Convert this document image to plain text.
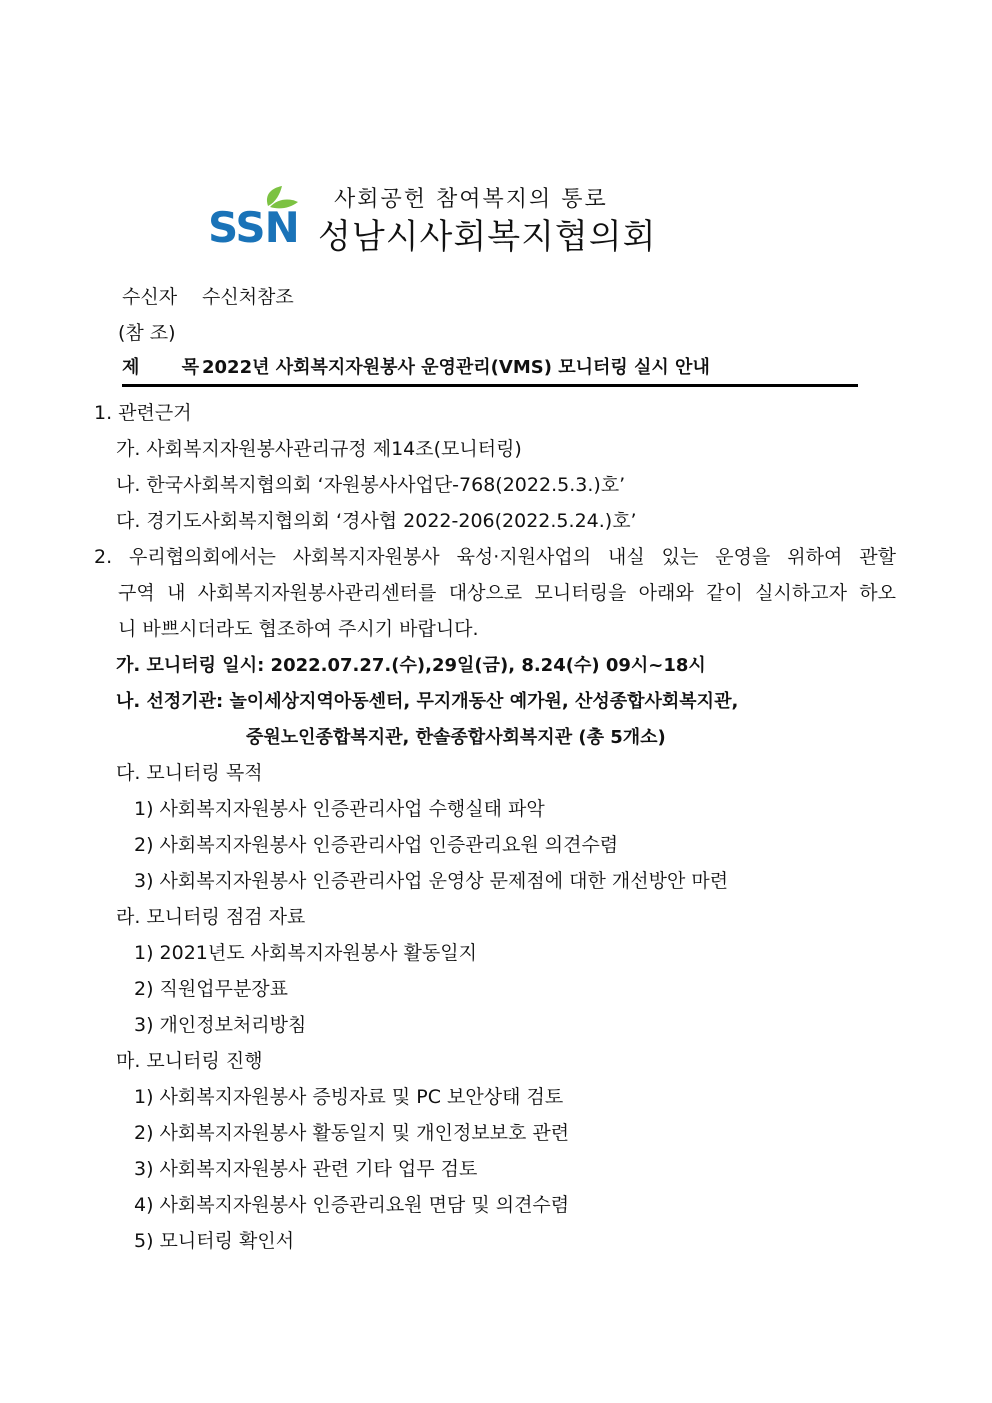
SSN
사회공헌 참여복지의 통로
성남시사회복지협의회
수신자 수신처참조
(참 조)
제 목2022년 사회복지자원봉사 운영관리(VMS) 모니터링 실시 안내
1. 관련근거
가. 사회복지자원봉사관리규정 제14조(모니터링)
나. 한국사회복지협의회 ‘자원봉사사업단-768(2022.5.3.)호’
다. 경기도사회복지협의회 ‘경사협 2022-206(2022.5.24.)호’
2. 우리협의회에서는 사회복지자원봉사 육성·지원사업의 내실 있는 운영을 위하여 관할
구역 내 사회복지자원봉사관리센터를 대상으로 모니터링을 아래와 같이 실시하고자 하오
니 바쁘시더라도 협조하여 주시기 바랍니다.
가. 모니터링 일시: 2022.07.27.(수),29일(금), 8.24(수) 09시~18시
나. 선정기관: 놀이세상지역아동센터, 무지개동산 예가원, 산성종합사회복지관,
중원노인종합복지관, 한솔종합사회복지관 (총 5개소)
다. 모니터링 목적
1) 사회복지자원봉사 인증관리사업 수행실태 파악
2) 사회복지자원봉사 인증관리사업 인증관리요원 의견수렴
3) 사회복지자원봉사 인증관리사업 운영상 문제점에 대한 개선방안 마련
라. 모니터링 점검 자료
1) 2021년도 사회복지자원봉사 활동일지
2) 직원업무분장표
3) 개인정보처리방침
마. 모니터링 진행
1) 사회복지자원봉사 증빙자료 및 PC 보안상태 검토
2) 사회복지자원봉사 활동일지 및 개인정보보호 관련
3) 사회복지자원봉사 관련 기타 업무 검토
4) 사회복지자원봉사 인증관리요원 면담 및 의견수렴
5) 모니터링 확인서
